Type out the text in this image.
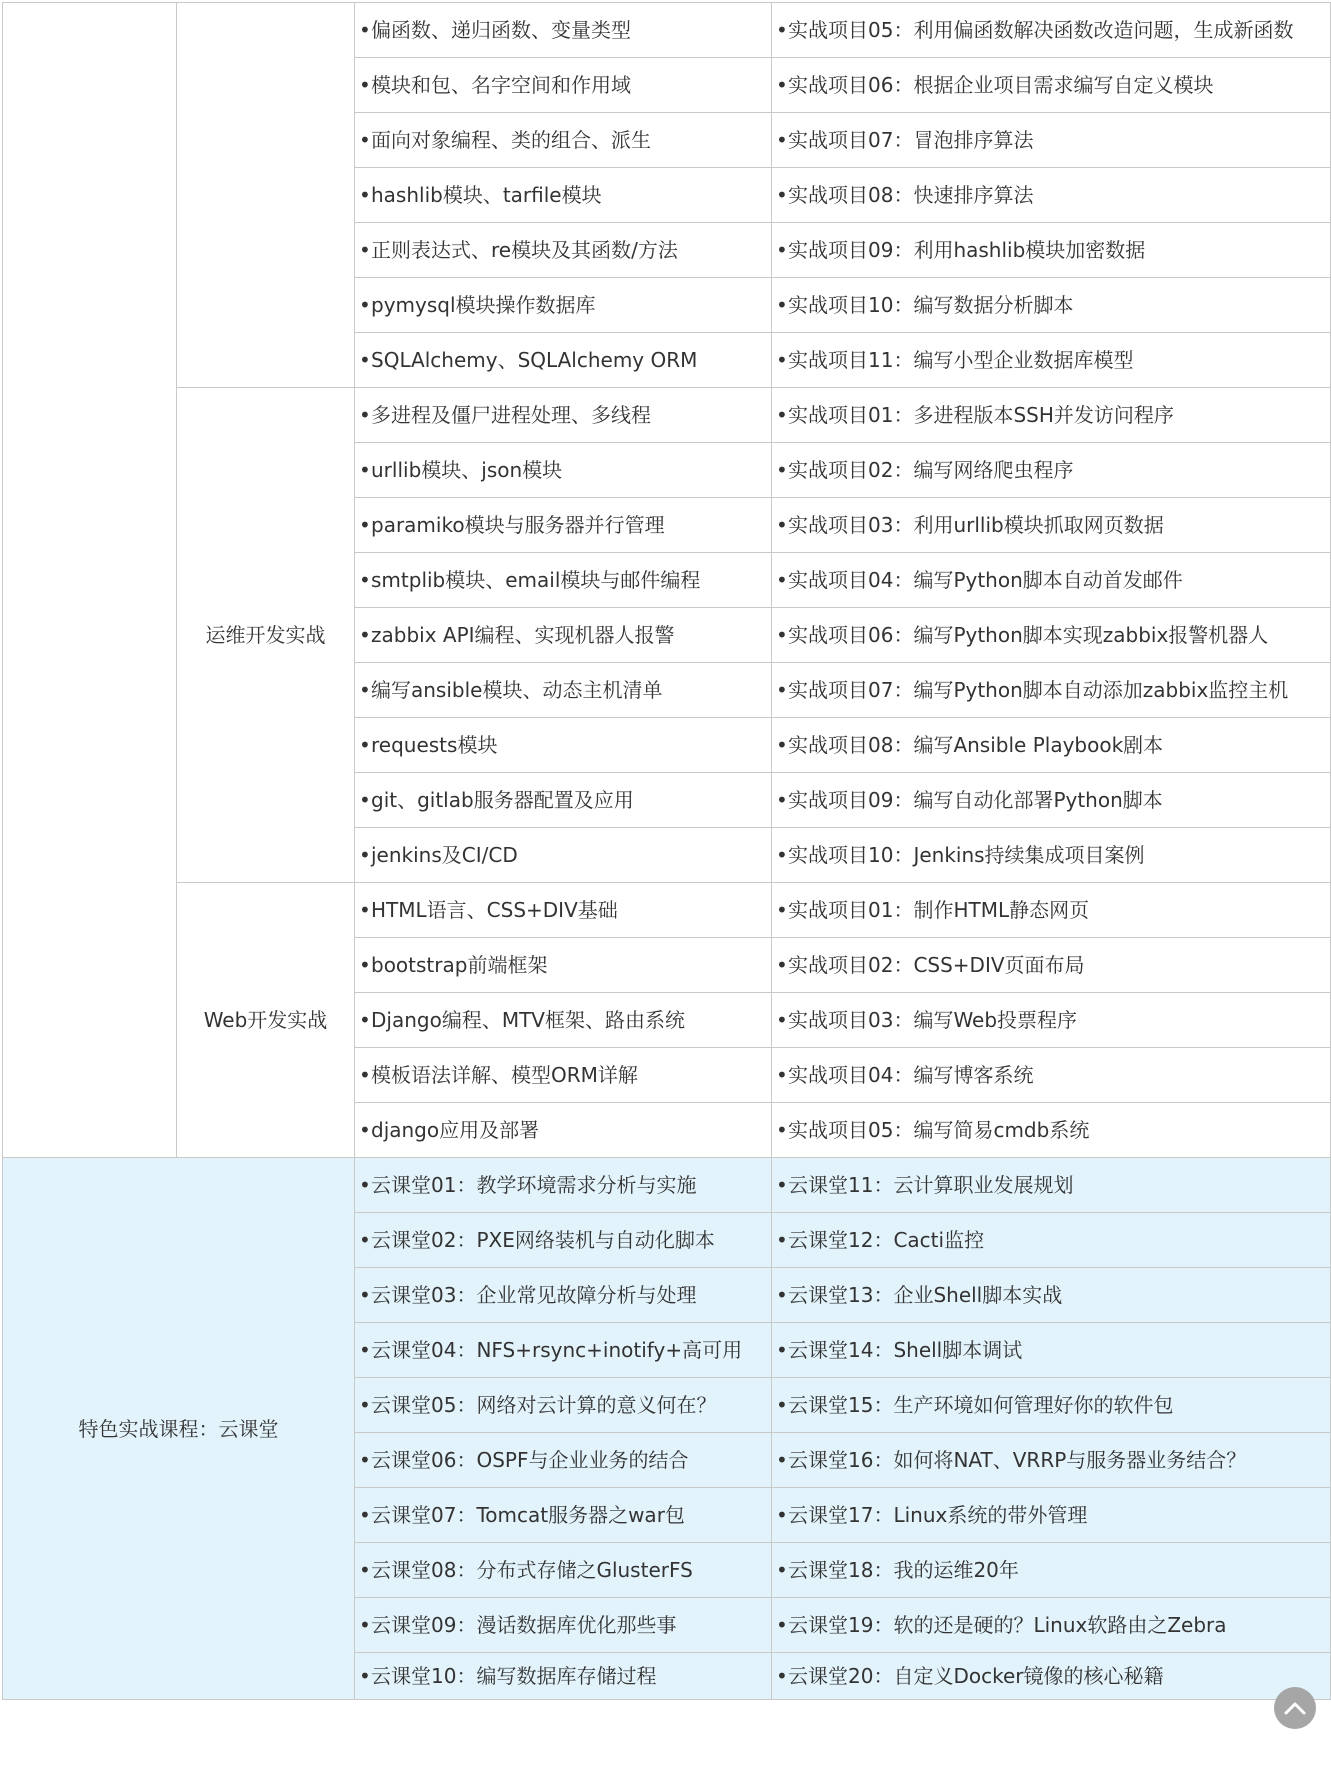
		•偏函数、递归函数、变量类型	•实战项目05：利用偏函数解决函数改造问题，生成新函数
		•模块和包、名字空间和作用域	•实战项目06：根据企业项目需求编写自定义模块
		•面向对象编程、类的组合、派生	•实战项目07：冒泡排序算法
		•hashlib模块、tarfile模块	•实战项目08：快速排序算法
		•正则表达式、re模块及其函数/方法	•实战项目09：利用hashlib模块加密数据
		•pymysql模块操作数据库	•实战项目10：编写数据分析脚本
		•SQLAlchemy、SQLAlchemy ORM	•实战项目11：编写小型企业数据库模型
	运维开发实战	•多进程及僵尸进程处理、多线程	•实战项目01：多进程版本SSH并发访问程序
		•urllib模块、json模块	•实战项目02：编写网络爬虫程序
		•paramiko模块与服务器并行管理	•实战项目03：利用urllib模块抓取网页数据
		•smtplib模块、email模块与邮件编程	•实战项目04：编写Python脚本自动首发邮件
		•zabbix API编程、实现机器人报警	•实战项目06：编写Python脚本实现zabbix报警机器人
		•编写ansible模块、动态主机清单	•实战项目07：编写Python脚本自动添加zabbix监控主机
		•requests模块	•实战项目08：编写Ansible Playbook剧本
		•git、gitlab服务器配置及应用	•实战项目09：编写自动化部署Python脚本
		•jenkins及CI/CD	•实战项目10：Jenkins持续集成项目案例
	Web开发实战	•HTML语言、CSS+DIV基础	•实战项目01：制作HTML静态网页
		•bootstrap前端框架	•实战项目02：CSS+DIV页面布局
		•Django编程、MTV框架、路由系统	•实战项目03：编写Web投票程序
		•模板语法详解、模型ORM详解	•实战项目04：编写博客系统
		•django应用及部署	•实战项目05：编写简易cmdb系统
特色实战课程：云课堂		•云课堂01：教学环境需求分析与实施	•云课堂11：云计算职业发展规划
		•云课堂02：PXE网络装机与自动化脚本	•云课堂12：Cacti监控
		•云课堂03：企业常见故障分析与处理	•云课堂13：企业Shell脚本实战
		•云课堂04：NFS+rsync+inotify+高可用	•云课堂14：Shell脚本调试
		•云课堂05：网络对云计算的意义何在？	•云课堂15：生产环境如何管理好你的软件包
		•云课堂06：OSPF与企业业务的结合	•云课堂16：如何将NAT、VRRP与服务器业务结合？
		•云课堂07：Tomcat服务器之war包	•云课堂17：Linux系统的带外管理
		•云课堂08：分布式存储之GlusterFS	•云课堂18：我的运维20年
		•云课堂09：漫话数据库优化那些事	•云课堂19：软的还是硬的？Linux软路由之Zebra
		•云课堂10：编写数据库存储过程	•云课堂20：自定义Docker镜像的核心秘籍
